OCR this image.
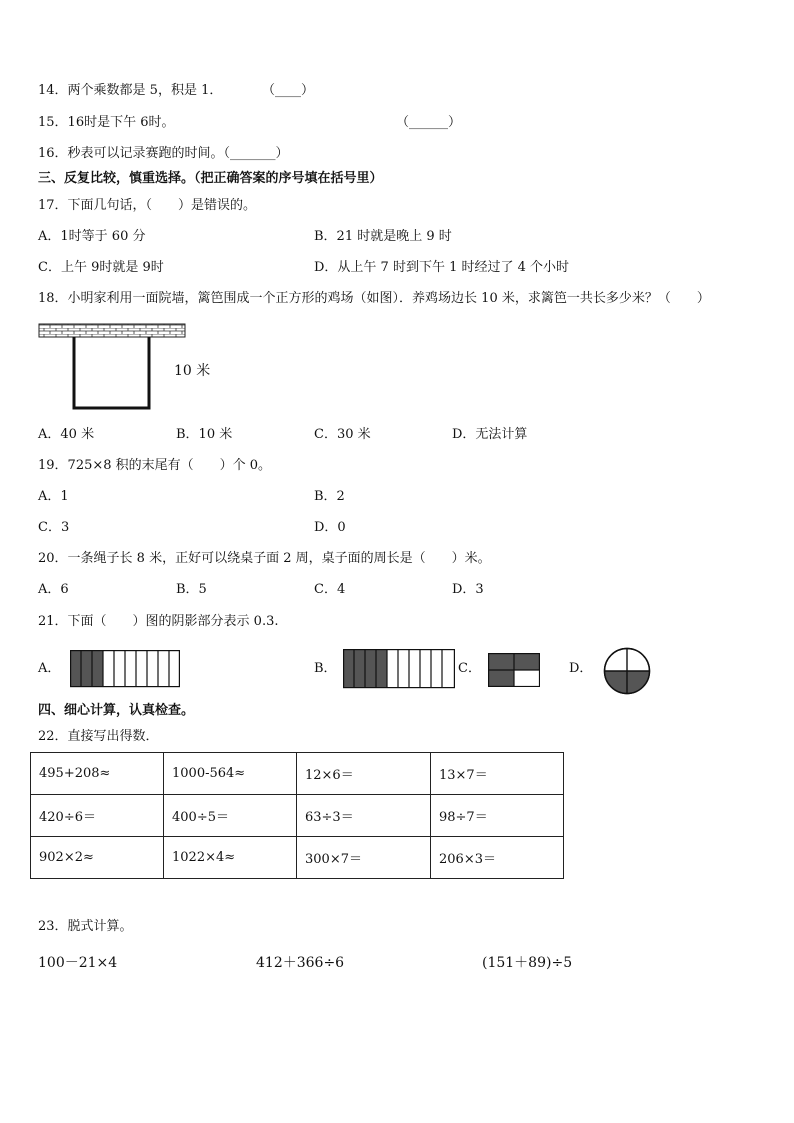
14．两个乘数都是 5，积是 1．	（____）
15．16时是下午 6时。	（______）
16．秒表可以记录赛跑的时间。（_______）
三、反复比较，慎重选择。（把正确答案的序号填在括号里）
17．下面几句话，（　　）是错误的。
A．1时等于 60 分	B．21 时就是晚上 9 时
C．上午 9时就是 9时	D．从上午 7 时到下午 1 时经过了 4 个小时
18．小明家利用一面院墙，篱笆围成一个正方形的鸡场（如图）．养鸡场边长 10 米，求篱笆一共长多少米？（　　）
10 米
A．40 米	B．10 米	C．30 米	D．无法计算
19．725×8 积的末尾有（　　）个 0。
A．1	B．2
C．3	D．0
20．一条绳子长 8 米，正好可以绕桌子面 2 周，桌子面的周长是（　　）米。
A．6	B．5	C．4	D．3
21．下面（　　）图的阴影部分表示 0.3.
A．	B．	C．	D．
四、细心计算，认真检查。
22．直接写出得数．
495+208≈	1000-564≈	12×6＝	13×7＝
420÷6＝	400÷5＝	63÷3＝	98÷7＝
902×2≈	1022×4≈	300×7＝	206×3＝
23．脱式计算。
100－21×4	412＋366÷6	(151＋89)÷5
